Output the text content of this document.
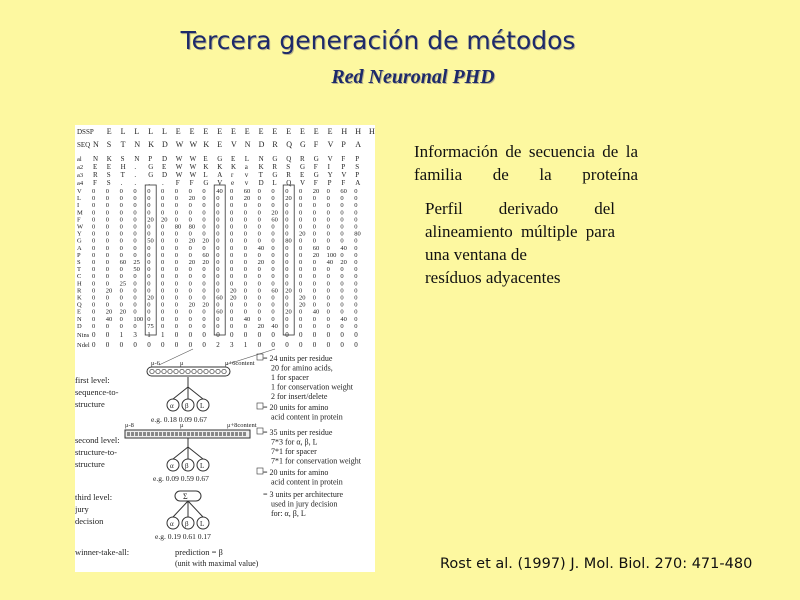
Tercera generación de métodos
Red Neuronal PHD
DSSP E L L L L E E E E E E E E E E E E H H H
SEQ N S T N K D W W K E V N D R Q G F V P A
al N K S N P D W W E G E L N G Q R G V F P
a2 E E H . G E W W K K K a K R S G F I P S
a3 R S T . G D W W L A r v T G R E G Y V P
a4 F S . . . . F F G V e v D L Q V F P F A
V 0 0 0 0 0 0 0 0 0 40 0 60 0 0 0 0 20 0 60 0
L 0 0 0 0 0 0 0 20 0 0 0 20 0 0 20 0 0 0 0 0
I 0 0 0 0 0 0 0 0 0 0 0 0 0 0 0 0 0 0 0 0
M 0 0 0 0 0 0 0 0 0 0 0 0 0 20 0 0 0 0 0 0
F 0 0 0 0 20 20 0 0 0 0 0 0 0 60 0 0 0 0 0 0
W 0 0 0 0 0 0 80 80 0 0 0 0 0 0 0 0 0 0 0 0
Y 0 0 0 0 0 0 0 0 0 0 0 0 0 0 0 20 0 0 0 80
G 0 0 0 0 50 0 0 20 20 0 0 0 0 0 80 0 0 0 0 0
A 0 0 0 0 0 0 0 0 0 0 0 0 40 0 0 0 60 0 40 0
P 0 0 0 0 0 0 0 0 60 0 0 0 0 0 0 0 20 100 0 0
S 0 0 60 25 0 0 0 20 20 0 0 0 20 0 0 0 0 40 20 0
T 0 0 0 50 0 0 0 0 0 0 0 0 0 0 0 0 0 0 0 0
C 0 0 0 0 0 0 0 0 0 0 0 0 0 0 0 0 0 0 0 0
H 0 0 25 0 0 0 0 0 0 0 0 0 0 0 0 0 0 0 0 0
R 0 20 0 0 0 0 0 0 0 0 20 0 0 60 20 0 0 0 0 0
K 0 0 0 0 20 0 0 0 0 60 20 0 0 0 0 20 0 0 0 0
Q 0 0 0 0 0 0 0 20 20 0 0 0 0 0 0 20 0 0 0 0
E 0 20 20 0 0 0 0 0 0 60 0 0 0 0 20 0 40 0 0 0
N 0 40 0 100 0 0 0 0 0 0 0 40 0 0 0 0 0 0 40 0
D 0 0 0 0 75 0 0 0 0 0 0 0 20 40 0 0 0 0 0 0
Nins 0 0 1 3 1 1 0 0 0 0 0 0 0 0 0 0 0 0 0 0
Ndel 0 0 0 0 0 0 0 0 0 2 3 1 0 0 0 0 0 0 0 0
first level:
sequence-to-
structure
second level:
structure-to-
structure
third level:
jury
decision
winner-take-all:	prediction = β
(unit with maximal value)
μ-6	μ	μ+6content
α β L
e.g. 0.18 0.09 0.67
μ-8	μ	μ+8content
α β L
e.g. 0.09 0.59 0.67
Σ
α β L
e.g. 0.19 0.61 0.17
= 24 units per residue
20 for amino acids,
1 for spacer
1 for conservation weight
2 for insert/delete
= 20 units for amino
acid content in protein
= 35 units per residue
7*3 for α, β, L
7*1 for spacer
7*1 for conservation weight
= 20 units for amino
acid content in protein
= 3 units per architecture
used in jury decision
for: α, β, L
Información de secuencia de la familia de la proteína
Perfil derivado del alineamiento múltiple para una ventana de
resíduos adyacentes
Rost et al. (1997) J. Mol. Biol. 270: 471-480
